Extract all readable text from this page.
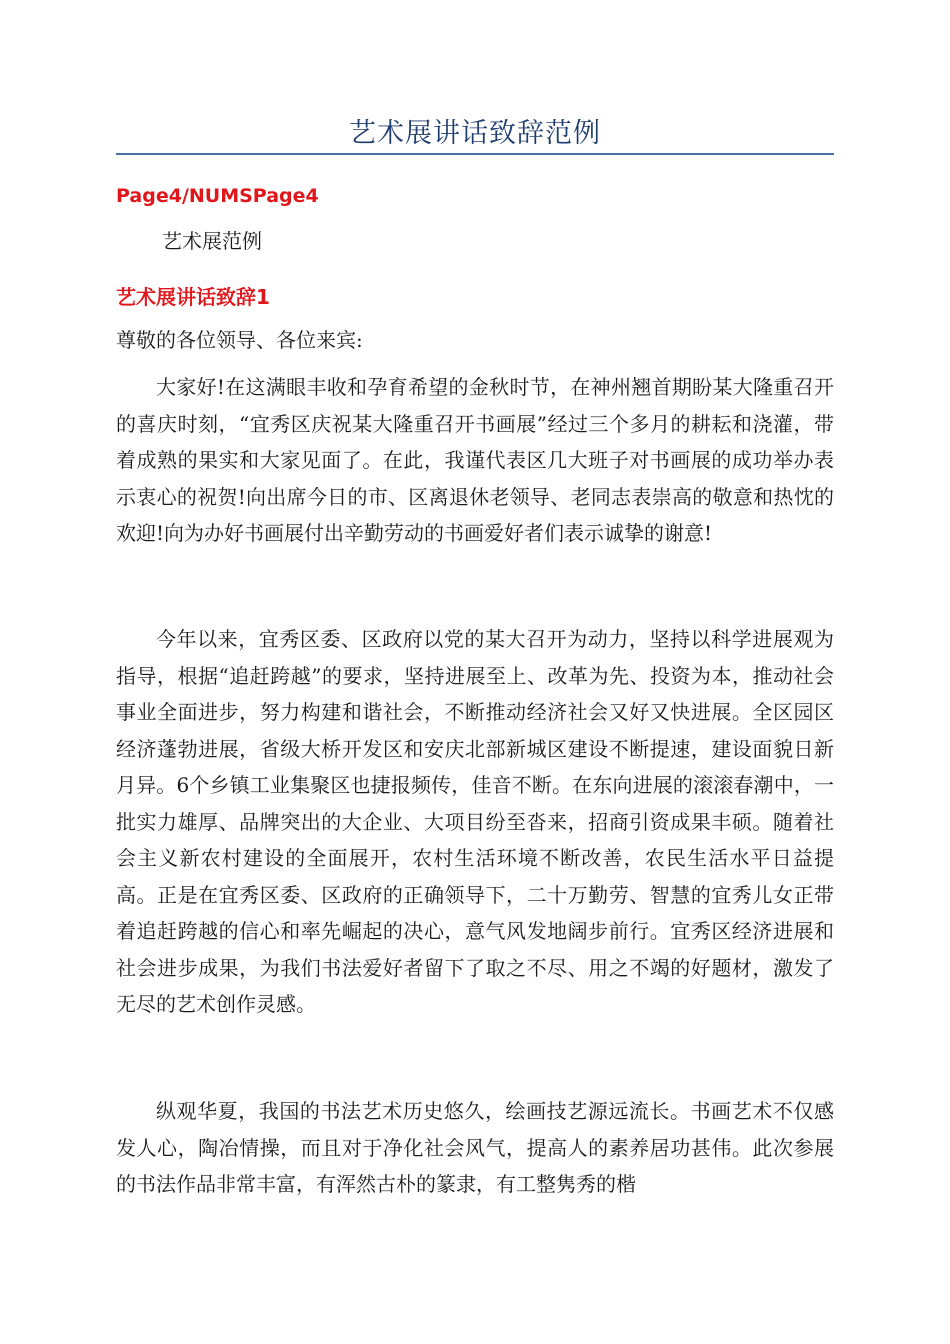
艺术展讲话致辞范例
Page4/NUMSPage4
艺术展范例
艺术展讲话致辞1
尊敬的各位领导、各位来宾:

大家好!在这满眼丰收和孕育希望的金秋时节，在神州翘首期盼某大隆重召开的喜庆时刻，“宜秀区庆祝某大隆重召开书画展”经过三个多月的耕耘和浇灌，带着成熟的果实和大家见面了。在此，我谨代表区几大班子对书画展的成功举办表示衷心的祝贺!向出席今日的市、区离退休老领导、老同志表崇高的敬意和热忱的欢迎!向为办好书画展付出辛勤劳动的书画爱好者们表示诚挚的谢意!

今年以来，宜秀区委、区政府以党的某大召开为动力，坚持以科学进展观为指导，根据“追赶跨越”的要求，坚持进展至上、改革为先、投资为本，推动社会事业全面进步，努力构建和谐社会，不断推动经济社会又好又快进展。全区园区经济蓬勃进展，省级大桥开发区和安庆北部新城区建设不断提速，建设面貌日新月异。6个乡镇工业集聚区也捷报频传，佳音不断。在东向进展的滚滚春潮中，一批实力雄厚、品牌突出的大企业、大项目纷至沓来，招商引资成果丰硕。随着社会主义新农村建设的全面展开，农村生活环境不断改善，农民生活水平日益提高。正是在宜秀区委、区政府的正确领导下，二十万勤劳、智慧的宜秀儿女正带着追赶跨越的信心和率先崛起的决心，意气风发地阔步前行。宜秀区经济进展和社会进步成果，为我们书法爱好者留下了取之不尽、用之不竭的好题材，激发了无尽的艺术创作灵感。

纵观华夏，我国的书法艺术历史悠久，绘画技艺源远流长。书画艺术不仅感发人心，陶冶情操，而且对于净化社会风气，提高人的素养居功甚伟。此次参展的书法作品非常丰富，有浑然古朴的篆隶，有工整隽秀的楷
